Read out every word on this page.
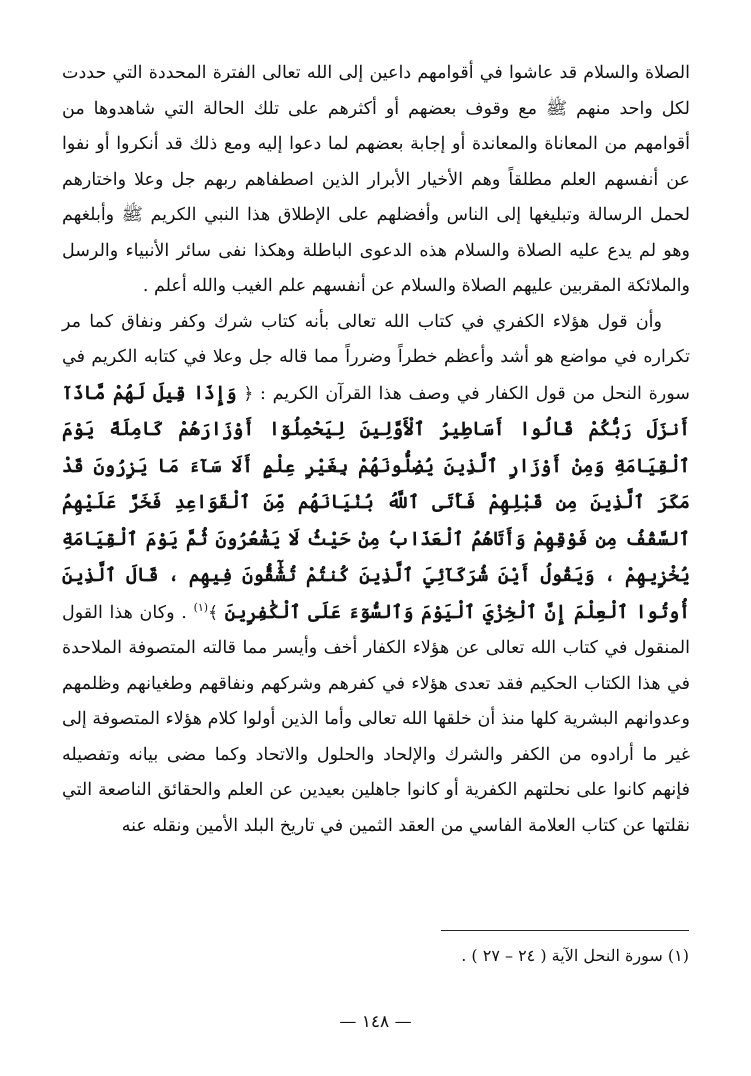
الصلاة والسلام قد عاشوا في أقوامهم داعين إلى الله تعالى الفترة المحددة التي حددت لكل واحد منهم ﷺ مع وقوف بعضهم أو أكثرهم على تلك الحالة التي شاهدوها من أقوامهم من المعاناة والمعاندة أو إجابة بعضهم لما دعوا إليه ومع ذلك قد أنكروا أو نفوا عن أنفسهم العلم مطلقاً وهم الأخيار الأبرار الذين اصطفاهم ربهم جل وعلا واختارهم لحمل الرسالة وتبليغها إلى الناس وأفضلهم على الإطلاق هذا النبي الكريم ﷺ وأبلغهم وهو لم يدع عليه الصلاة والسلام هذه الدعوى الباطلة وهكذا نفى سائر الأنبياء والرسل والملائكة المقربين عليهم الصلاة والسلام عن أنفسهم علم الغيب والله أعلم .

وأن قول هؤلاء الكفري في كتاب الله تعالى بأنه كتاب شرك وكفر ونفاق كما مر تكراره في مواضع هو أشد وأعظم خطراً وضرراً مما قاله جل وعلا في كتابه الكريم في سورة النحل من قول الكفار في وصف هذا القرآن الكريم : ﴿ وَإِذَا قِيلَ لَهُمْ مَّاذَآ أَنزَلَ رَبُّكُمْ قَالُوا أَسَاطِيرُ ٱلْأَوَّلِينَ لِيَحْمِلُوٓا أَوْزَارَهُمْ كَامِلَةً يَوْمَ ٱلْقِيَامَةِ وَمِنْ أَوْزَارِ ٱلَّذِينَ يُضِلُّونَهُمْ بِغَيْرِ عِلْمٍ أَلَا سَآءَ مَا يَزِرُونَ قَدْ مَكَرَ ٱلَّذِينَ مِن قَبْلِهِمْ فَأَتَى ٱللَّهُ بُنْيَانَهُم مِّنَ ٱلْقَوَاعِدِ فَخَرَّ عَلَيْهِمُ ٱلسَّقْفُ مِن فَوْقِهِمْ وَأَتَاهُمُ ٱلْعَذَابُ مِنْ حَيْثُ لَا يَشْعُرُونَ ثُمَّ يَوْمَ ٱلْقِيَامَةِ يُخْزِيهِمْ ، وَيَقُولُ أَيْنَ شُرَكَآئِيَ ٱلَّذِينَ كُنتُمْ تُشَٰٓقُّونَ فِيهِم ، قَالَ ٱلَّذِينَ أُوتُوا ٱلْعِلْمَ إِنَّ ٱلْخِزْيَ ٱلْيَوْمَ وَٱلسُّوٓءَ عَلَى ٱلْكَٰفِرِينَ ﴾$^{(١)}$ . وكان هذا القول المنقول في كتاب الله تعالى عن هؤلاء الكفار أخف وأيسر مما قالته المتصوفة الملاحدة في هذا الكتاب الحكيم فقد تعدى هؤلاء في كفرهم وشركهم ونفاقهم وطغيانهم وظلمهم وعدوانهم البشرية كلها منذ أن خلقها الله تعالى وأما الذين أولوا كلام هؤلاء المتصوفة إلى غير ما أرادوه من الكفر والشرك والإلحاد والحلول والاتحاد وكما مضى بيانه وتفصيله فإنهم كانوا على نحلتهم الكفرية أو كانوا جاهلين بعيدين عن العلم والحقائق الناصعة التي نقلتها عن كتاب العلامة الفاسي من العقد الثمين في تاريخ البلد الأمين ونقله عنه

(١) سورة النحل الآية ( ٢٤ – ٢٧ ) .

— ١٤٨ —
